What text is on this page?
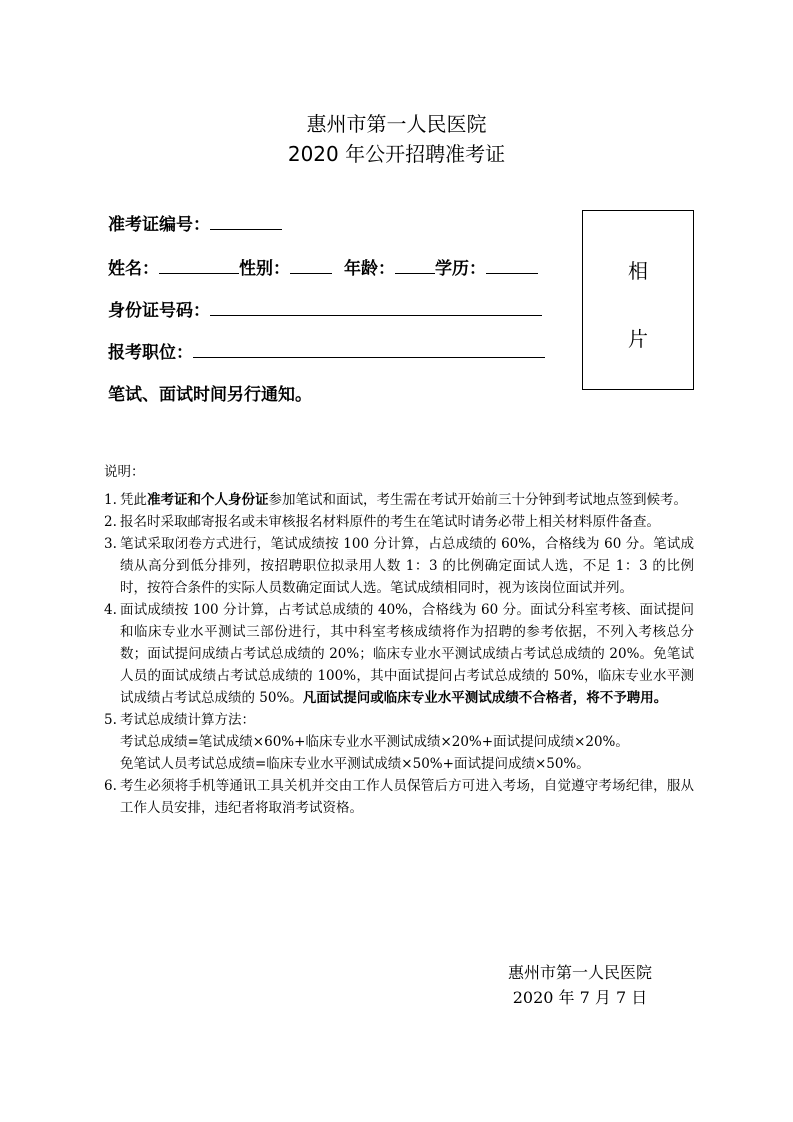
惠州市第一人民医院
2020 年公开招聘准考证
准考证编号：
姓名：	性别：	年龄： 学历：
身份证号码：
报考职位：
笔试、面试时间另行通知。
相
片
说明：
1. 凭此准考证和个人身份证参加笔试和面试，考生需在考试开始前三十分钟到考试地点签到候考。
2. 报名时采取邮寄报名或未审核报名材料原件的考生在笔试时请务必带上相关材料原件备查。
3. 笔试采取闭卷方式进行，笔试成绩按 100 分计算，占总成绩的 60%，合格线为 60 分。笔试成绩从高分到低分排列，按招聘职位拟录用人数 1：3 的比例确定面试人选，不足 1：3 的比例时，按符合条件的实际人员数确定面试人选。笔试成绩相同时，视为该岗位面试并列。
4. 面试成绩按 100 分计算，占考试总成绩的 40%，合格线为 60 分。面试分科室考核、面试提问和临床专业水平测试三部份进行，其中科室考核成绩将作为招聘的参考依据，不列入考核总分数；面试提问成绩占考试总成绩的 20%；临床专业水平测试成绩占考试总成绩的 20%。免笔试人员的面试成绩占考试总成绩的 100%，其中面试提问占考试总成绩的 50%，临床专业水平测试成绩占考试总成绩的 50%。凡面试提问或临床专业水平测试成绩不合格者，将不予聘用。
5. 考试总成绩计算方法：
考试总成绩=笔试成绩×60%+临床专业水平测试成绩×20%+面试提问成绩×20%。
免笔试人员考试总成绩=临床专业水平测试成绩×50%+面试提问成绩×50%。
6. 考生必须将手机等通讯工具关机并交由工作人员保管后方可进入考场，自觉遵守考场纪律，服从工作人员安排，违纪者将取消考试资格。
惠州市第一人民医院
2020 年 7 月 7 日
